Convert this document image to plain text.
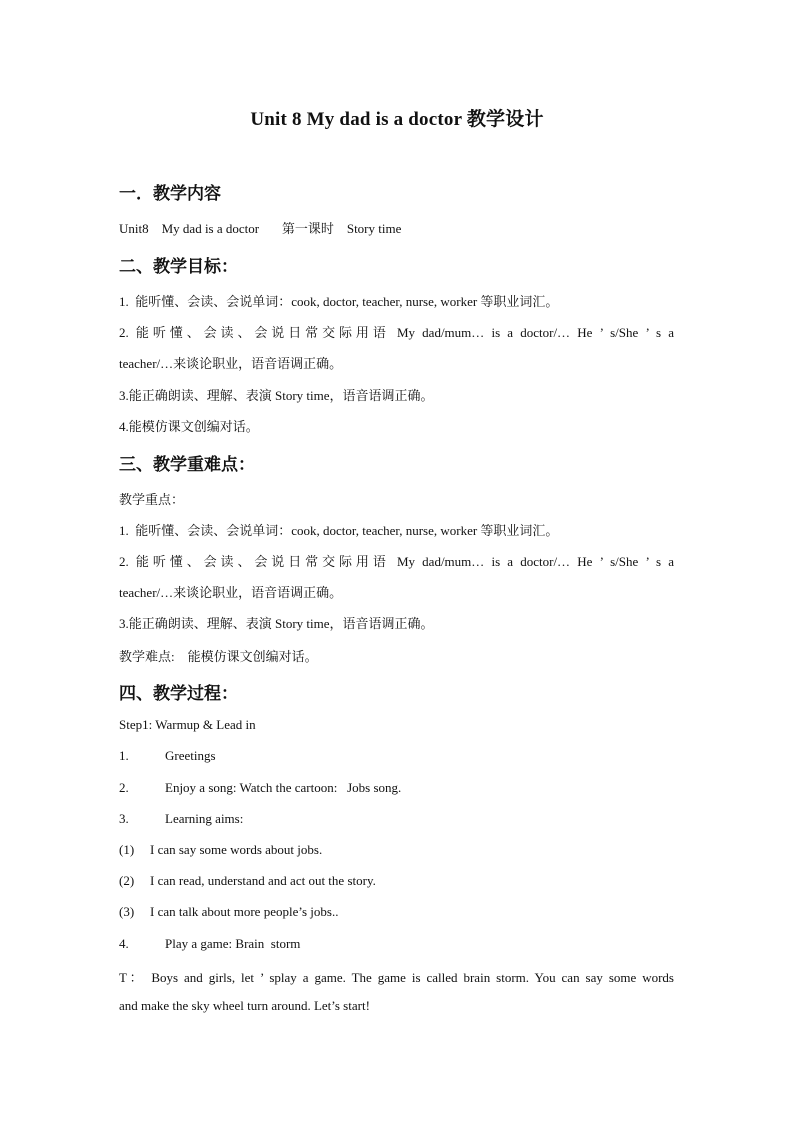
Unit 8 My dad is a doctor 教学设计
一．教学内容
Unit8    My dad is a doctor       第一课时    Story time
二、教学目标：
1.  能听懂、会读、会说单词：cook, doctor, teacher, nurse, worker 等职业词汇。
2. 能听懂、会读、会说日常交际用语 My dad/mum… is a doctor/… He ’ s/She ’ s a
teacher/…来谈论职业，语音语调正确。
3.能正确朗读、理解、表演 Story time，语音语调正确。
4.能模仿课文创编对话。
三、教学重难点：
教学重点：
1.  能听懂、会读、会说单词：cook, doctor, teacher, nurse, worker 等职业词汇。
2. 能听懂、会读、会说日常交际用语 My dad/mum… is a doctor/… He ’ s/She ’ s a
teacher/…来谈论职业，语音语调正确。
3.能正确朗读、理解、表演 Story time，语音语调正确。
教学难点:    能模仿课文创编对话。
四、教学过程：
Step1: Warmup & Lead in
1.	Greetings
2.	Enjoy a song: Watch the cartoon:   Jobs song.
3.	Learning aims:
(1) I can say some words about jobs.
(2) I can read, understand and act out the story.
(3) I can talk about more people’s jobs..
4.	Play a game: Brain  storm
T： Boys and girls, let ’ splay a game. The game is called brain storm. You can say some words
and make the sky wheel turn around. Let’s start!
